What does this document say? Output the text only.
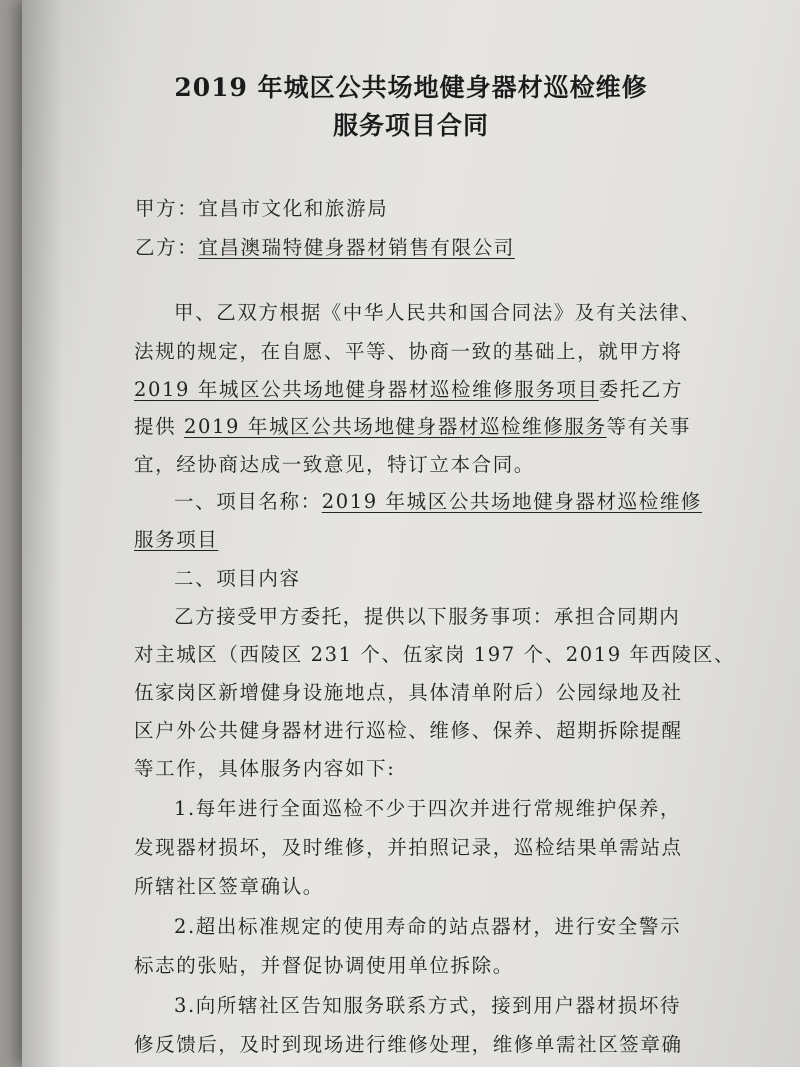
2019 年城区公共场地健身器材巡检维修
服务项目合同
甲方：宜昌市文化和旅游局
乙方：宜昌澳瑞特健身器材销售有限公司
甲、乙双方根据《中华人民共和国合同法》及有关法律、
法规的规定，在自愿、平等、协商一致的基础上，就甲方将
2019 年城区公共场地健身器材巡检维修服务项目委托乙方
提供 2019 年城区公共场地健身器材巡检维修服务等有关事
宜，经协商达成一致意见，特订立本合同。
一、项目名称：2019 年城区公共场地健身器材巡检维修
服务项目
二、项目内容
乙方接受甲方委托，提供以下服务事项：承担合同期内
对主城区（西陵区 231 个、伍家岗 197 个、2019 年西陵区、
伍家岗区新增健身设施地点，具体清单附后）公园绿地及社
区户外公共健身器材进行巡检、维修、保养、超期拆除提醒
等工作，具体服务内容如下:
1.每年进行全面巡检不少于四次并进行常规维护保养，
发现器材损坏，及时维修，并拍照记录，巡检结果单需站点
所辖社区签章确认。
2.超出标准规定的使用寿命的站点器材，进行安全警示
标志的张贴，并督促协调使用单位拆除。
3.向所辖社区告知服务联系方式，接到用户器材损坏待
修反馈后，及时到现场进行维修处理，维修单需社区签章确
